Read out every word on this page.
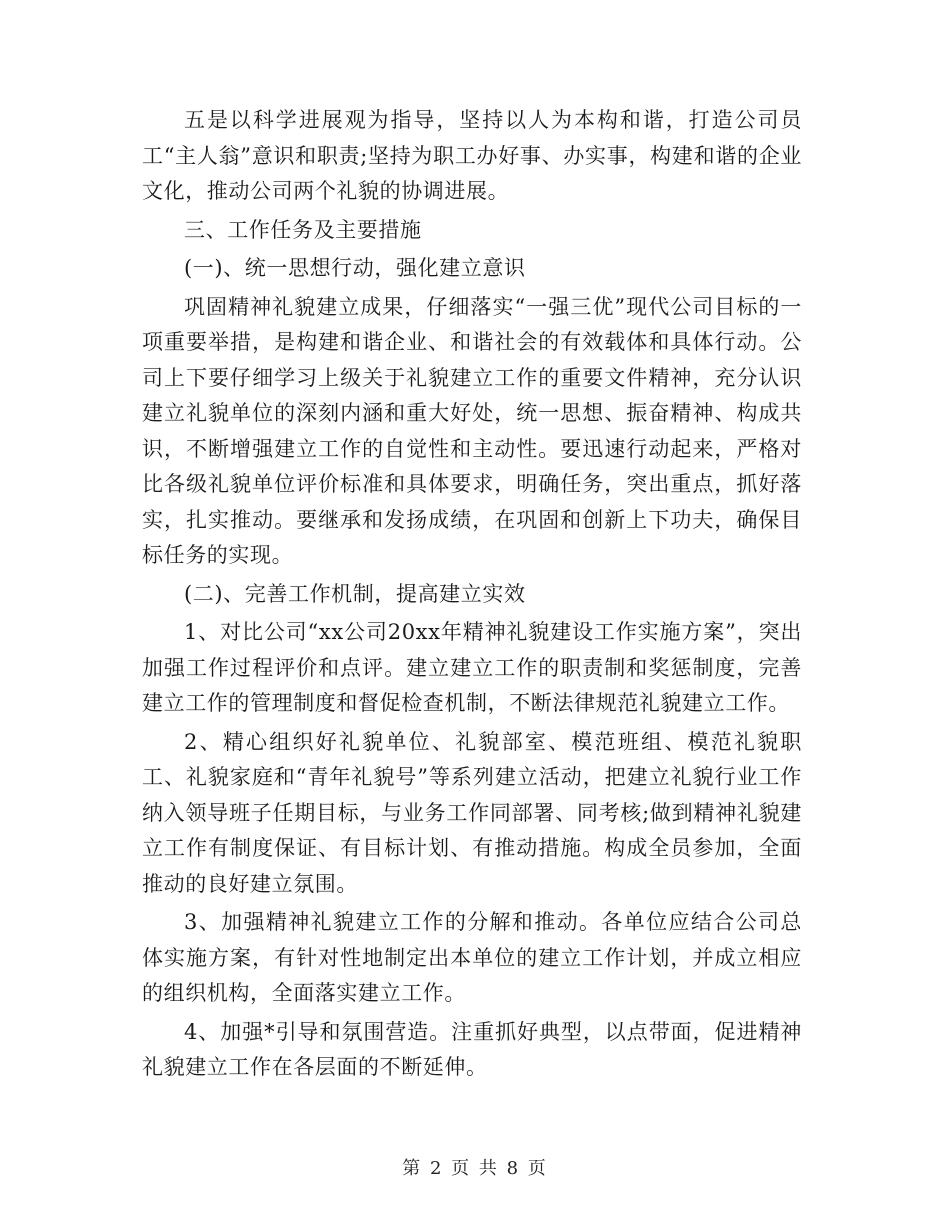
五是以科学进展观为指导，坚持以人为本构和谐，打造公司员工“主人翁”意识和职责;坚持为职工办好事、办实事，构建和谐的企业文化，推动公司两个礼貌的协调进展。

三、工作任务及主要措施

(一)、统一思想行动，强化建立意识

巩固精神礼貌建立成果，仔细落实“一强三优”现代公司目标的一项重要举措，是构建和谐企业、和谐社会的有效载体和具体行动。公司上下要仔细学习上级关于礼貌建立工作的重要文件精神，充分认识建立礼貌单位的深刻内涵和重大好处，统一思想、振奋精神、构成共识，不断增强建立工作的自觉性和主动性。要迅速行动起来，严格对比各级礼貌单位评价标准和具体要求，明确任务，突出重点，抓好落实，扎实推动。要继承和发扬成绩，在巩固和创新上下功夫，确保目标任务的实现。

(二)、完善工作机制，提高建立实效

1、对比公司“xx公司20xx年精神礼貌建设工作实施方案”，突出加强工作过程评价和点评。建立建立工作的职责制和奖惩制度，完善建立工作的管理制度和督促检查机制，不断法律规范礼貌建立工作。

2、精心组织好礼貌单位、礼貌部室、模范班组、模范礼貌职工、礼貌家庭和“青年礼貌号”等系列建立活动，把建立礼貌行业工作纳入领导班子任期目标，与业务工作同部署、同考核;做到精神礼貌建立工作有制度保证、有目标计划、有推动措施。构成全员参加，全面推动的良好建立氛围。

3、加强精神礼貌建立工作的分解和推动。各单位应结合公司总体实施方案，有针对性地制定出本单位的建立工作计划，并成立相应的组织机构，全面落实建立工作。

4、加强*引导和氛围营造。注重抓好典型，以点带面，促进精神礼貌建立工作在各层面的不断延伸。

第 2 页 共 8 页
